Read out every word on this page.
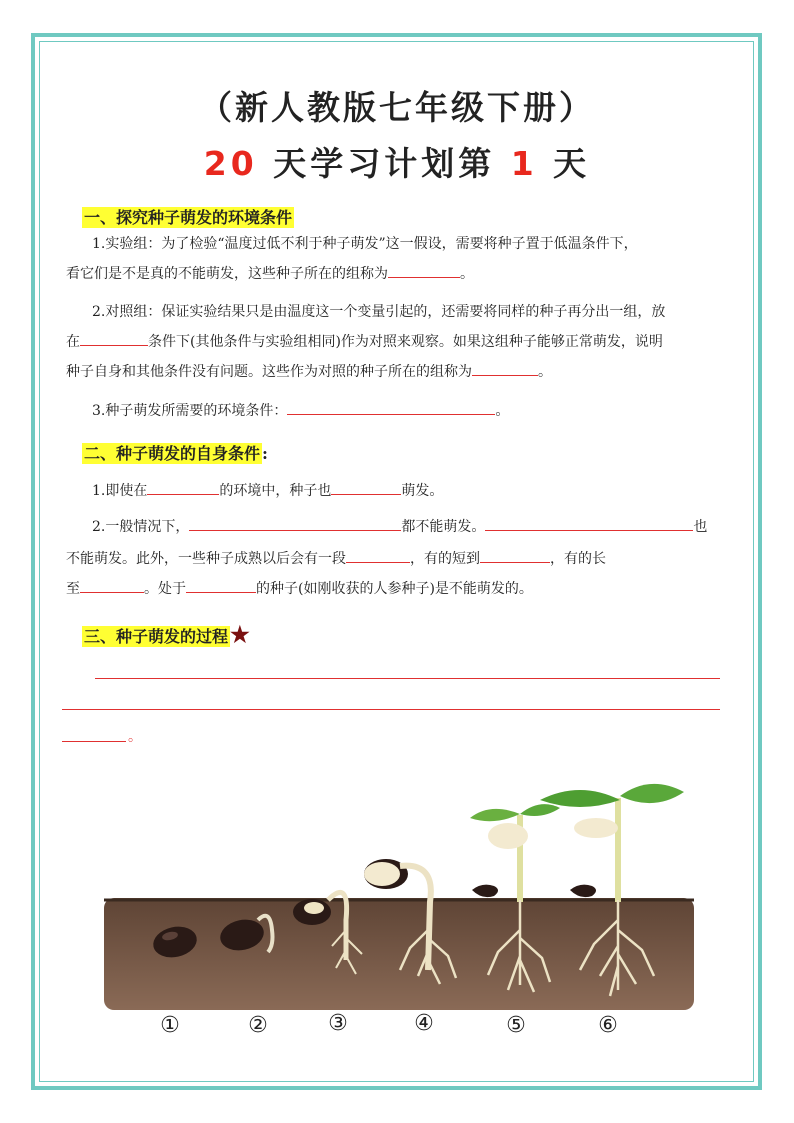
（新人教版七年级下册）
20 天学习计划第 1 天
一、探究种子萌发的环境条件
1.实验组：为了检验“温度过低不利于种子萌发”这一假设，需要将种子置于低温条件下，
看它们是不是真的不能萌发，这些种子所在的组称为	。
2.对照组：保证实验结果只是由温度这一个变量引起的，还需要将同样的种子再分出一组，放
在	条件下(其他条件与实验组相同)作为对照来观察。如果这组种子能够正常萌发，说明
种子自身和其他条件没有问题。这些作为对照的种子所在的组称为	。
3.种子萌发所需要的环境条件：	。
二、种子萌发的自身条件 :
1.即使在	的环境中，种子也	萌发。
2.一般情况下，	都不能萌发。	也
不能萌发。此外，一些种子成熟以后会有一段	，有的短到	，有的长
至	。处于	的种子(如刚收获的人参种子)是不能萌发的。
三、种子萌发的过程★
。
①	②	③	④	⑤	⑥
